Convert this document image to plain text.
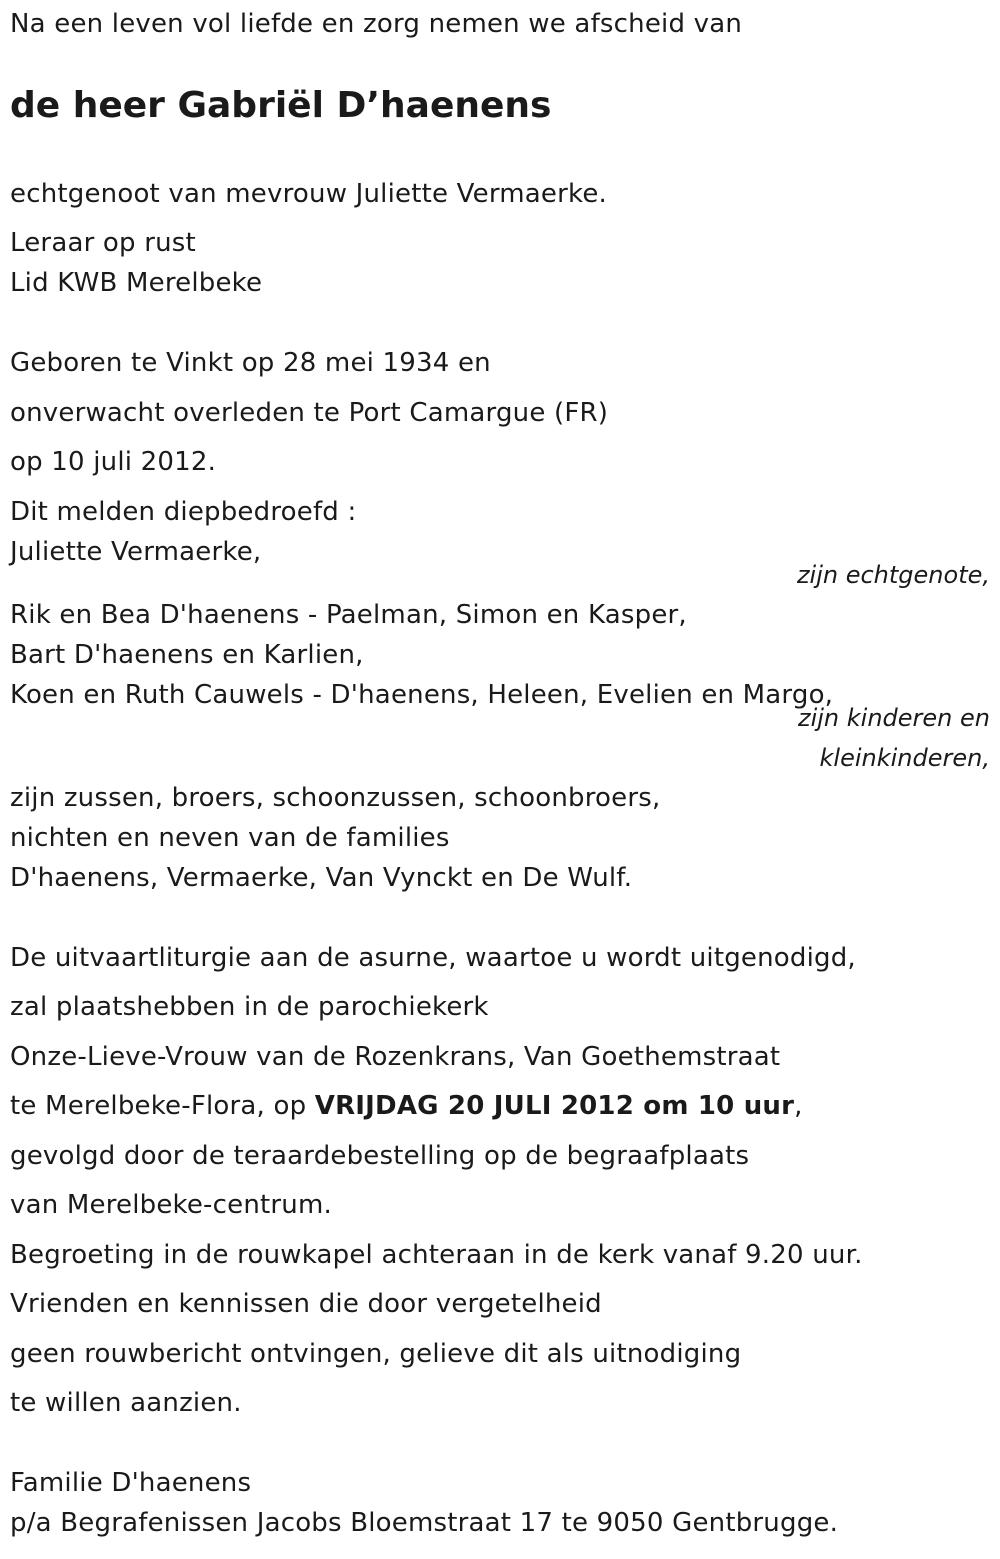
Na een leven vol liefde en zorg nemen we afscheid van
de heer Gabriël D’haenens
echtgenoot van mevrouw Juliette Vermaerke.
Leraar op rust
Lid KWB Merelbeke
Geboren te Vinkt op 28 mei 1934 en
onverwacht overleden te Port Camargue (FR)
op 10 juli 2012.
Dit melden diepbedroefd :
Juliette Vermaerke,
zijn echtgenote,
Rik en Bea D'haenens - Paelman, Simon en Kasper,
Bart D'haenens en Karlien,
Koen en Ruth Cauwels - D'haenens, Heleen, Evelien en Margo,
zijn kinderen en
kleinkinderen,
zijn zussen, broers, schoonzussen, schoonbroers,
nichten en neven van de families
D'haenens, Vermaerke, Van Vynckt en De Wulf.
De uitvaartliturgie aan de asurne, waartoe u wordt uitgenodigd,
zal plaatshebben in de parochiekerk
Onze-Lieve-Vrouw van de Rozenkrans, Van Goethemstraat
te Merelbeke-Flora, op VRIJDAG 20 JULI 2012 om 10 uur,
gevolgd door de teraardebestelling op de begraafplaats
van Merelbeke-centrum.
Begroeting in de rouwkapel achteraan in de kerk vanaf 9.20 uur.
Vrienden en kennissen die door vergetelheid
geen rouwbericht ontvingen, gelieve dit als uitnodiging
te willen aanzien.
Familie D'haenens
p/a Begrafenissen Jacobs Bloemstraat 17 te 9050 Gentbrugge.
